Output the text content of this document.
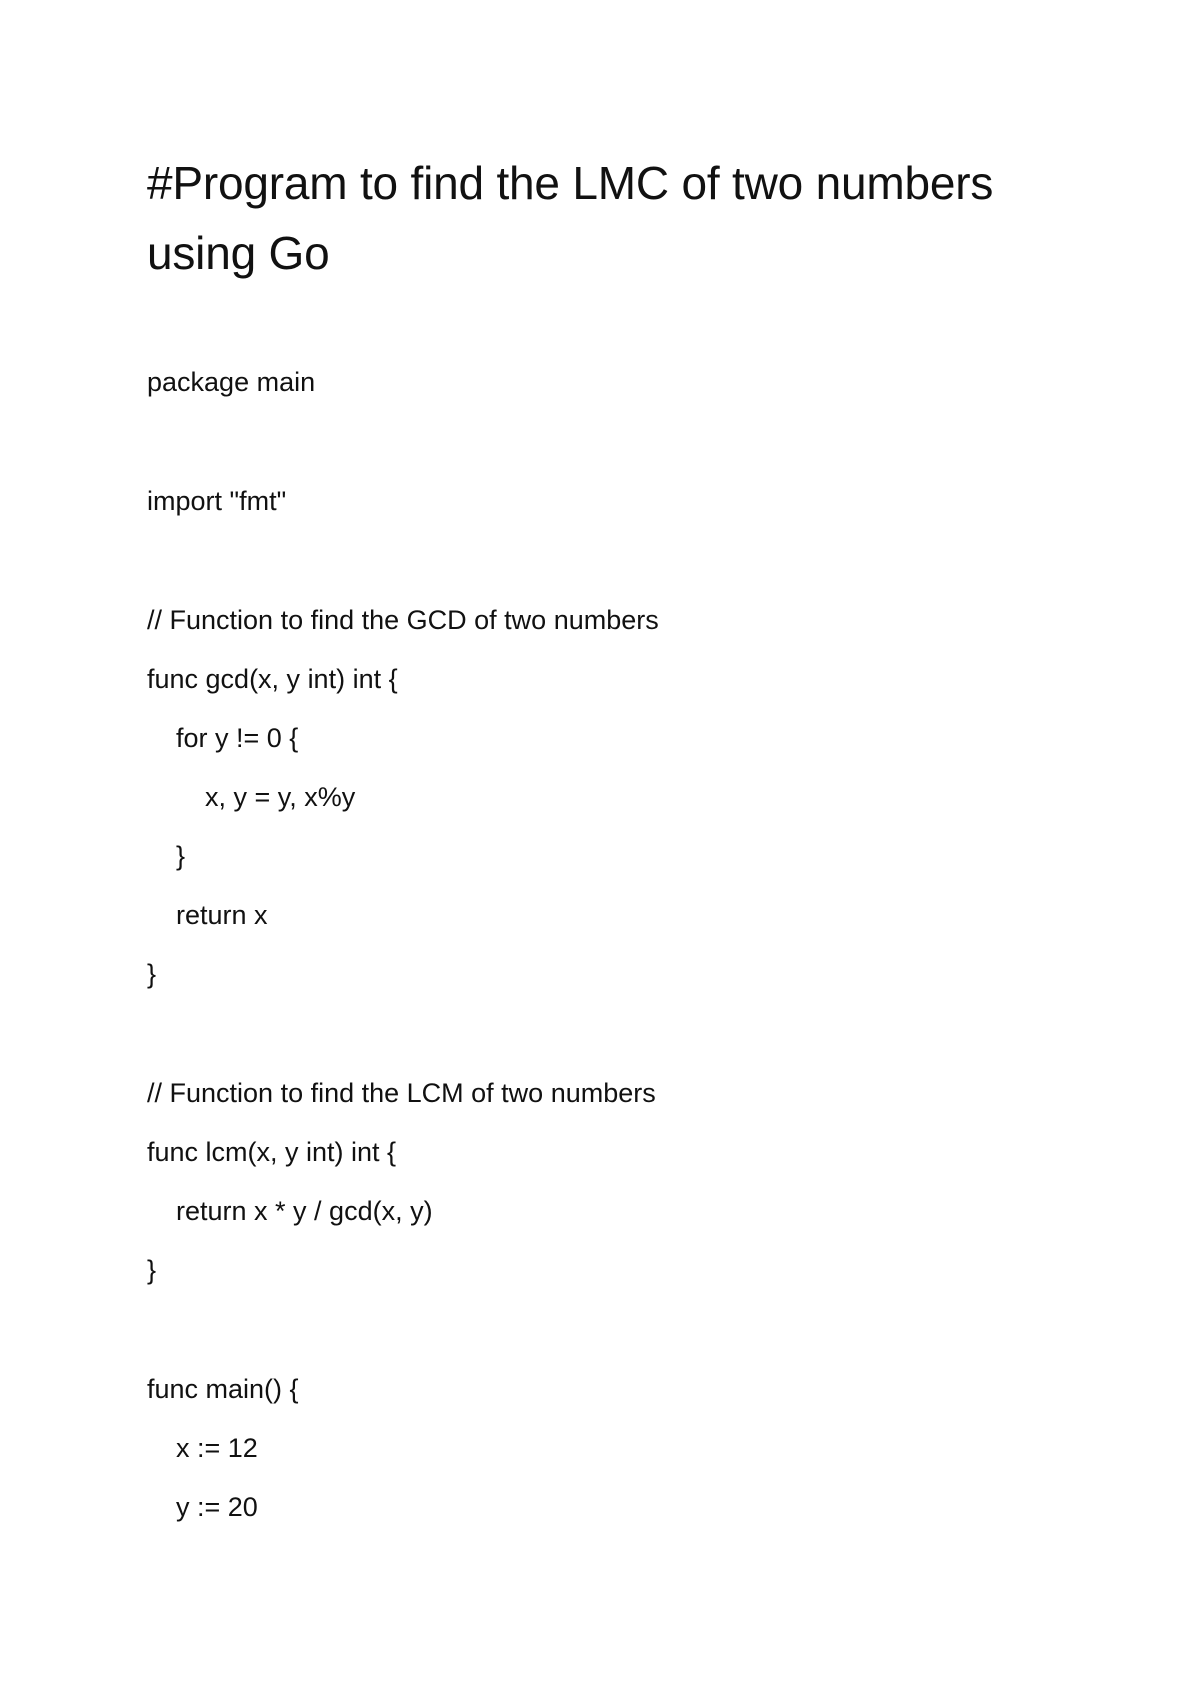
#Program to find the LMC of two numbers using Go
package main
import "fmt"
// Function to find the GCD of two numbers
func gcd(x, y int) int {
for y != 0 {
x, y = y, x%y
}
return x
}
// Function to find the LCM of two numbers
func lcm(x, y int) int {
return x * y / gcd(x, y)
}
func main() {
x := 12
y := 20
